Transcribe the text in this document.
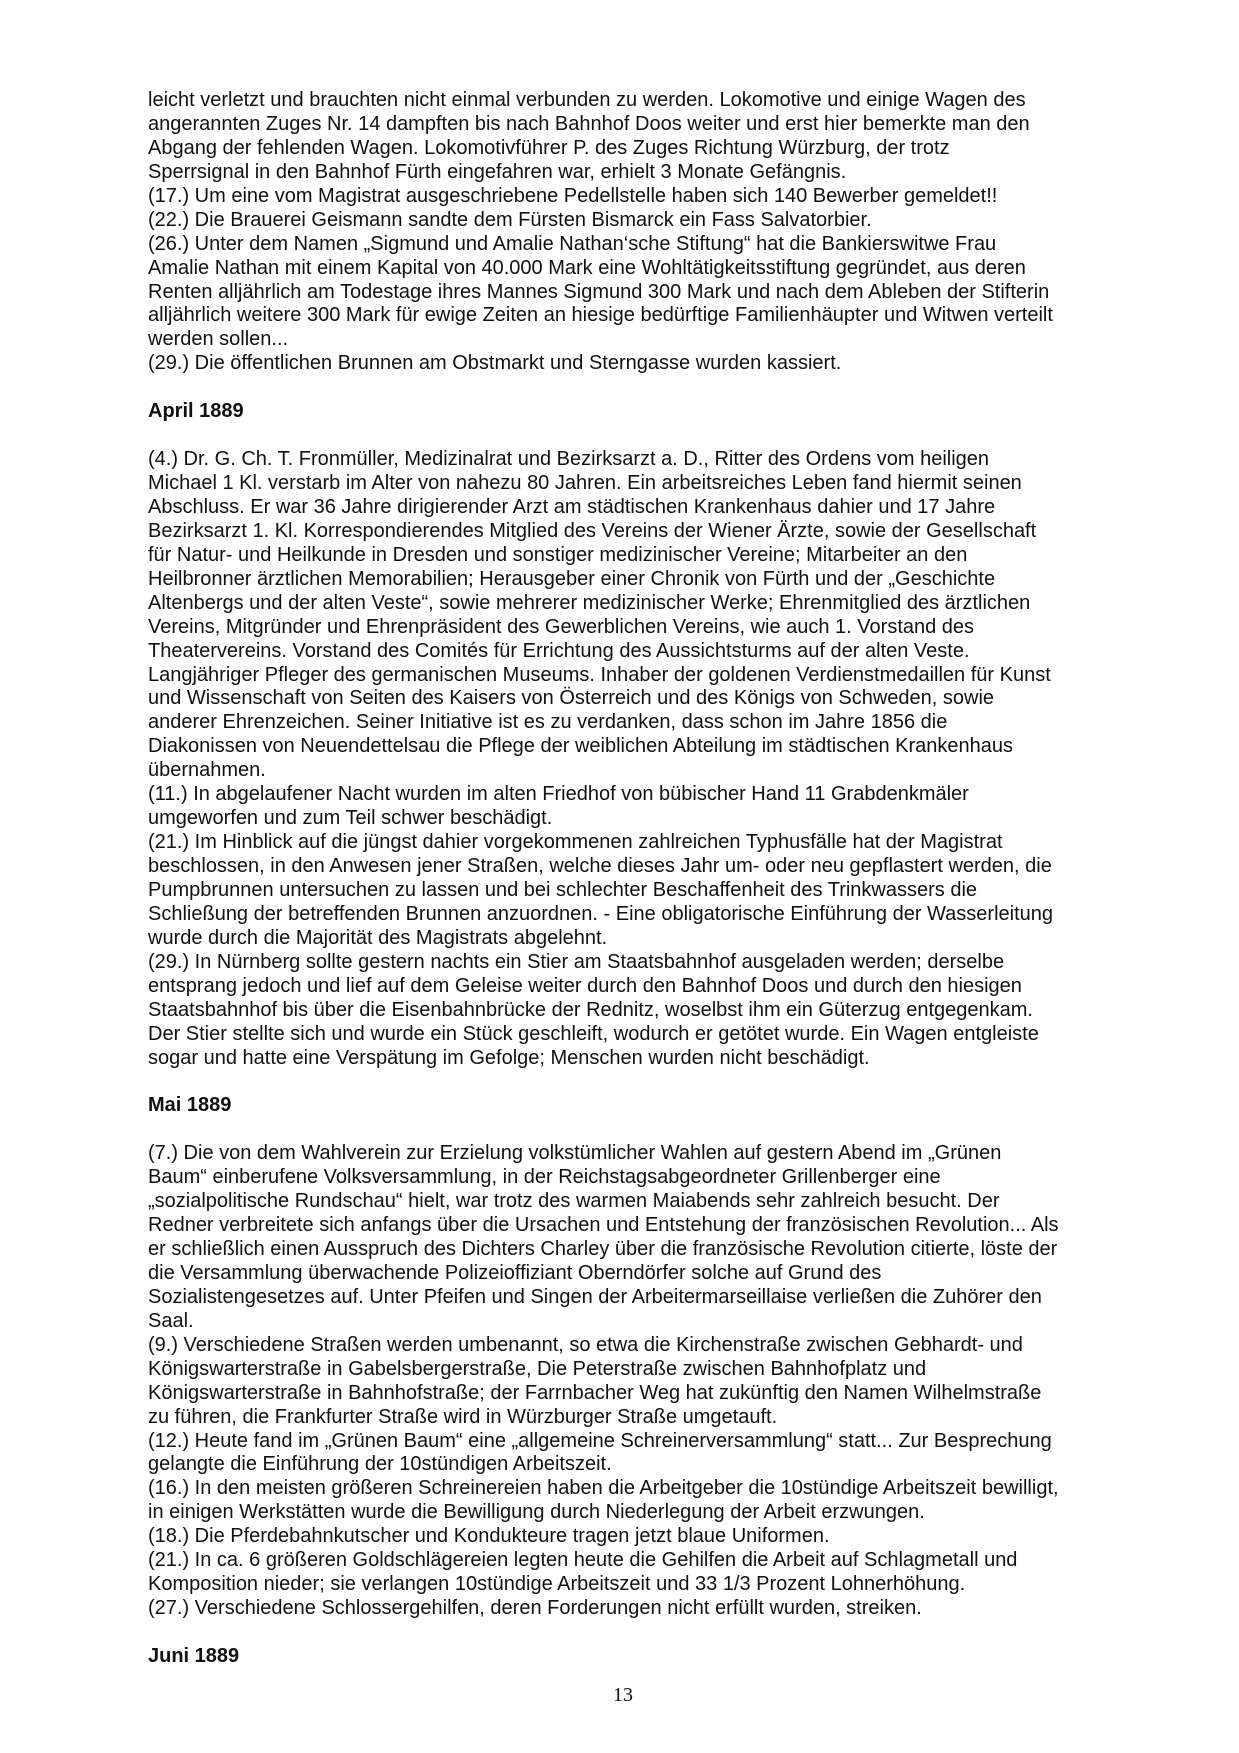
leicht verletzt und brauchten nicht einmal verbunden zu werden. Lokomotive und einige Wagen des
angerannten Zuges Nr. 14 dampften bis nach Bahnhof Doos weiter und erst hier bemerkte man den
Abgang der fehlenden Wagen. Lokomotivführer P. des Zuges Richtung Würzburg, der trotz
Sperrsignal in den Bahnhof Fürth eingefahren war, erhielt 3 Monate Gefängnis.
(17.) Um eine vom Magistrat ausgeschriebene Pedellstelle haben sich 140 Bewerber gemeldet!!
(22.) Die Brauerei Geismann sandte dem Fürsten Bismarck ein Fass Salvatorbier.
(26.) Unter dem Namen „Sigmund und Amalie Nathan‘sche Stiftung“ hat die Bankierswitwe Frau
Amalie Nathan mit einem Kapital von 40.000 Mark eine Wohltätigkeitsstiftung gegründet, aus deren
Renten alljährlich am Todestage ihres Mannes Sigmund 300 Mark und nach dem Ableben der Stifterin
alljährlich weitere 300 Mark für ewige Zeiten an hiesige bedürftige Familienhäupter und Witwen verteilt
werden sollen...
(29.) Die öffentlichen Brunnen am Obstmarkt und Sterngasse wurden kassiert.
April 1889
(4.) Dr. G. Ch. T. Fronmüller, Medizinalrat und Bezirksarzt a. D., Ritter des Ordens vom heiligen
Michael 1 Kl. verstarb im Alter von nahezu 80 Jahren. Ein arbeitsreiches Leben fand hiermit seinen
Abschluss. Er war 36 Jahre dirigierender Arzt am städtischen Krankenhaus dahier und 17 Jahre
Bezirksarzt 1. Kl. Korrespondierendes Mitglied des Vereins der Wiener Ärzte, sowie der Gesellschaft
für Natur- und Heilkunde in Dresden und sonstiger medizinischer Vereine; Mitarbeiter an den
Heilbronner ärztlichen Memorabilien; Herausgeber einer Chronik von Fürth und der „Geschichte
Altenbergs und der alten Veste“, sowie mehrerer medizinischer Werke; Ehrenmitglied des ärztlichen
Vereins, Mitgründer und Ehrenpräsident des Gewerblichen Vereins, wie auch 1. Vorstand des
Theatervereins. Vorstand des Comités für Errichtung des Aussichtsturms auf der alten Veste.
Langjähriger Pfleger des germanischen Museums. Inhaber der goldenen Verdienstmedaillen für Kunst
und Wissenschaft von Seiten des Kaisers von Österreich und des Königs von Schweden, sowie
anderer Ehrenzeichen. Seiner Initiative ist es zu verdanken, dass schon im Jahre 1856 die
Diakonissen von Neuendettelsau die Pflege der weiblichen Abteilung im städtischen Krankenhaus
übernahmen.
(11.) In abgelaufener Nacht wurden im alten Friedhof von bübischer Hand 11 Grabdenkmäler
umgeworfen und zum Teil schwer beschädigt.
(21.) Im Hinblick auf die jüngst dahier vorgekommenen zahlreichen Typhusfälle hat der Magistrat
beschlossen, in den Anwesen jener Straßen, welche dieses Jahr um- oder neu gepflastert werden, die
Pumpbrunnen untersuchen zu lassen und bei schlechter Beschaffenheit des Trinkwassers die
Schließung der betreffenden Brunnen anzuordnen. - Eine obligatorische Einführung der Wasserleitung
wurde durch die Majorität des Magistrats abgelehnt.
(29.) In Nürnberg sollte gestern nachts ein Stier am Staatsbahnhof ausgeladen werden; derselbe
entsprang jedoch und lief auf dem Geleise weiter durch den Bahnhof Doos und durch den hiesigen
Staatsbahnhof bis über die Eisenbahnbrücke der Rednitz, woselbst ihm ein Güterzug entgegenkam.
Der Stier stellte sich und wurde ein Stück geschleift, wodurch er getötet wurde. Ein Wagen entgleiste
sogar und hatte eine Verspätung im Gefolge; Menschen wurden nicht beschädigt.
Mai 1889
(7.) Die von dem Wahlverein zur Erzielung volkstümlicher Wahlen auf gestern Abend im „Grünen
Baum“ einberufene Volksversammlung, in der Reichstagsabgeordneter Grillenberger eine
„sozialpolitische Rundschau“ hielt, war trotz des warmen Maiabends sehr zahlreich besucht. Der
Redner verbreitete sich anfangs über die Ursachen und Entstehung der französischen Revolution... Als
er schließlich einen Ausspruch des Dichters Charley über die französische Revolution citierte, löste der
die Versammlung überwachende Polizeioffiziant Oberndörfer solche auf Grund des
Sozialistengesetzes auf. Unter Pfeifen und Singen der Arbeitermarseillaise verließen die Zuhörer den
Saal.
(9.) Verschiedene Straßen werden umbenannt, so etwa die Kirchenstraße zwischen Gebhardt- und
Königswarterstraße in Gabelsbergerstraße, Die Peterstraße zwischen Bahnhofplatz und
Königswarterstraße in Bahnhofstraße; der Farrnbacher Weg hat zukünftig den Namen Wilhelmstraße
zu führen, die Frankfurter Straße wird in Würzburger Straße umgetauft.
(12.) Heute fand im „Grünen Baum“ eine „allgemeine Schreinerversammlung“ statt... Zur Besprechung
gelangte die Einführung der 10stündigen Arbeitszeit.
(16.) In den meisten größeren Schreinereien haben die Arbeitgeber die 10stündige Arbeitszeit bewilligt,
in einigen Werkstätten wurde die Bewilligung durch Niederlegung der Arbeit erzwungen.
(18.) Die Pferdebahnkutscher und Kondukteure tragen jetzt blaue Uniformen.
(21.) In ca. 6 größeren Goldschlägereien legten heute die Gehilfen die Arbeit auf Schlagmetall und
Komposition nieder; sie verlangen 10stündige Arbeitszeit und 33 1/3 Prozent Lohnerhöhung.
(27.) Verschiedene Schlossergehilfen, deren Forderungen nicht erfüllt wurden, streiken.
Juni 1889
13
